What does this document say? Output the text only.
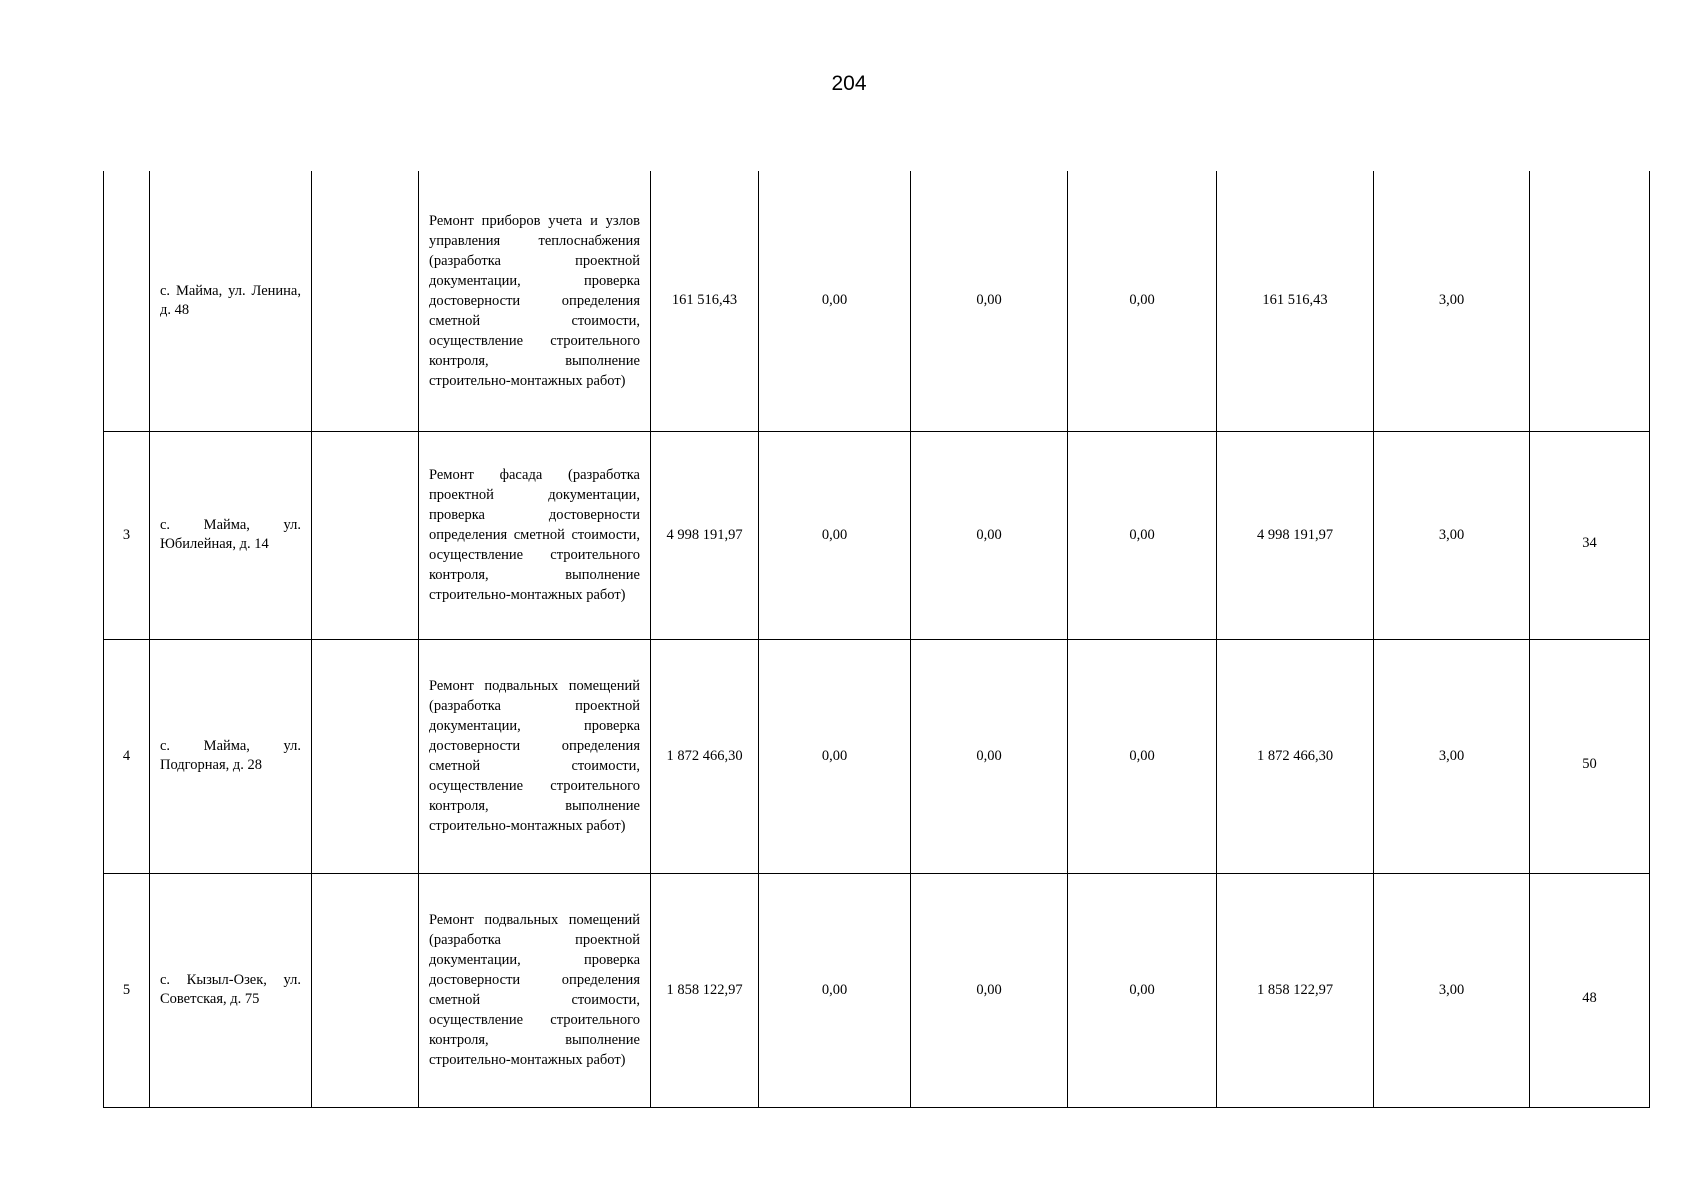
204
	с. Майма, ул. Ленина, д. 48		Ремонт приборов учета и узлов управления теплоснабжения (разработка проектной документации, проверка достоверности определения сметной стоимости, осуществление строительного контроля, выполнение строительно-монтажных работ)	161 516,43	0,00	0,00	0,00	161 516,43	3,00	
3	с. Майма, ул. Юбилейная, д. 14		Ремонт фасада (разработка проектной документации, проверка достоверности определения сметной стоимости, осуществление строительного контроля, выполнение строительно-монтажных работ)	4 998 191,97	0,00	0,00	0,00	4 998 191,97	3,00	34
4	с. Майма, ул. Подгорная, д. 28		Ремонт подвальных помещений (разработка проектной документации, проверка достоверности определения сметной стоимости, осуществление строительного контроля, выполнение строительно-монтажных работ)	1 872 466,30	0,00	0,00	0,00	1 872 466,30	3,00	50
5	с. Кызыл-Озек, ул. Советская, д. 75		Ремонт подвальных помещений (разработка проектной документации, проверка достоверности определения сметной стоимости, осуществление строительного контроля, выполнение строительно-монтажных работ)	1 858 122,97	0,00	0,00	0,00	1 858 122,97	3,00	48
